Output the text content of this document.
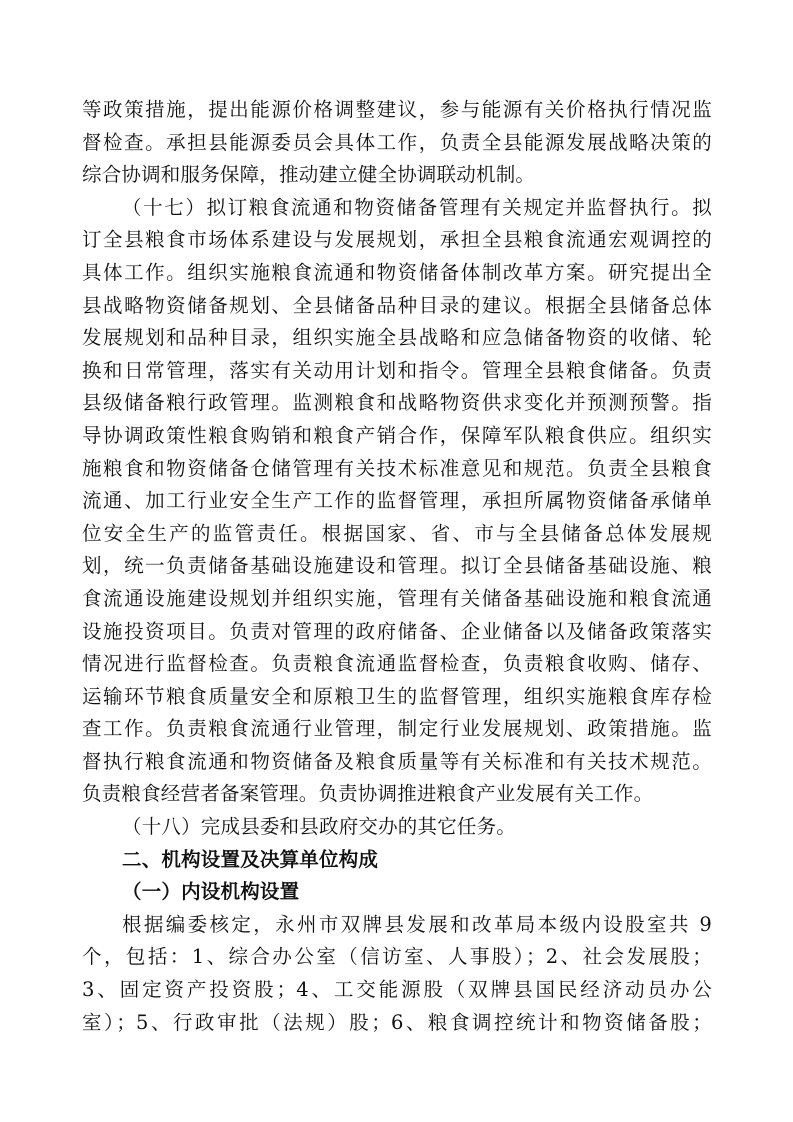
等政策措施，提出能源价格调整建议，参与能源有关价格执行情况监
督检查。承担县能源委员会具体工作，负责全县能源发展战略决策的
综合协调和服务保障，推动建立健全协调联动机制。
（十七）拟订粮食流通和物资储备管理有关规定并监督执行。拟
订全县粮食市场体系建设与发展规划，承担全县粮食流通宏观调控的
具体工作。组织实施粮食流通和物资储备体制改革方案。研究提出全
县战略物资储备规划、全县储备品种目录的建议。根据全县储备总体
发展规划和品种目录，组织实施全县战略和应急储备物资的收储、轮
换和日常管理，落实有关动用计划和指令。管理全县粮食储备。负责
县级储备粮行政管理。监测粮食和战略物资供求变化并预测预警。指
导协调政策性粮食购销和粮食产销合作，保障军队粮食供应。组织实
施粮食和物资储备仓储管理有关技术标准意见和规范。负责全县粮食
流通、加工行业安全生产工作的监督管理，承担所属物资储备承储单
位安全生产的监管责任。根据国家、省、市与全县储备总体发展规
划，统一负责储备基础设施建设和管理。拟订全县储备基础设施、粮
食流通设施建设规划并组织实施，管理有关储备基础设施和粮食流通
设施投资项目。负责对管理的政府储备、企业储备以及储备政策落实
情况进行监督检查。负责粮食流通监督检查，负责粮食收购、储存、
运输环节粮食质量安全和原粮卫生的监督管理，组织实施粮食库存检
查工作。负责粮食流通行业管理，制定行业发展规划、政策措施。监
督执行粮食流通和物资储备及粮食质量等有关标准和有关技术规范。
负责粮食经营者备案管理。负责协调推进粮食产业发展有关工作。
（十八）完成县委和县政府交办的其它任务。
二、机构设置及决算单位构成
（一）内设机构设置
根据编委核定，永州市双牌县发展和改革局本级内设股室共 9
个，包括：1、综合办公室（信访室、人事股）；2、社会发展股；
3、固定资产投资股；4、工交能源股（双牌县国民经济动员办公
室）；5、行政审批（法规）股；6、粮食调控统计和物资储备股；
